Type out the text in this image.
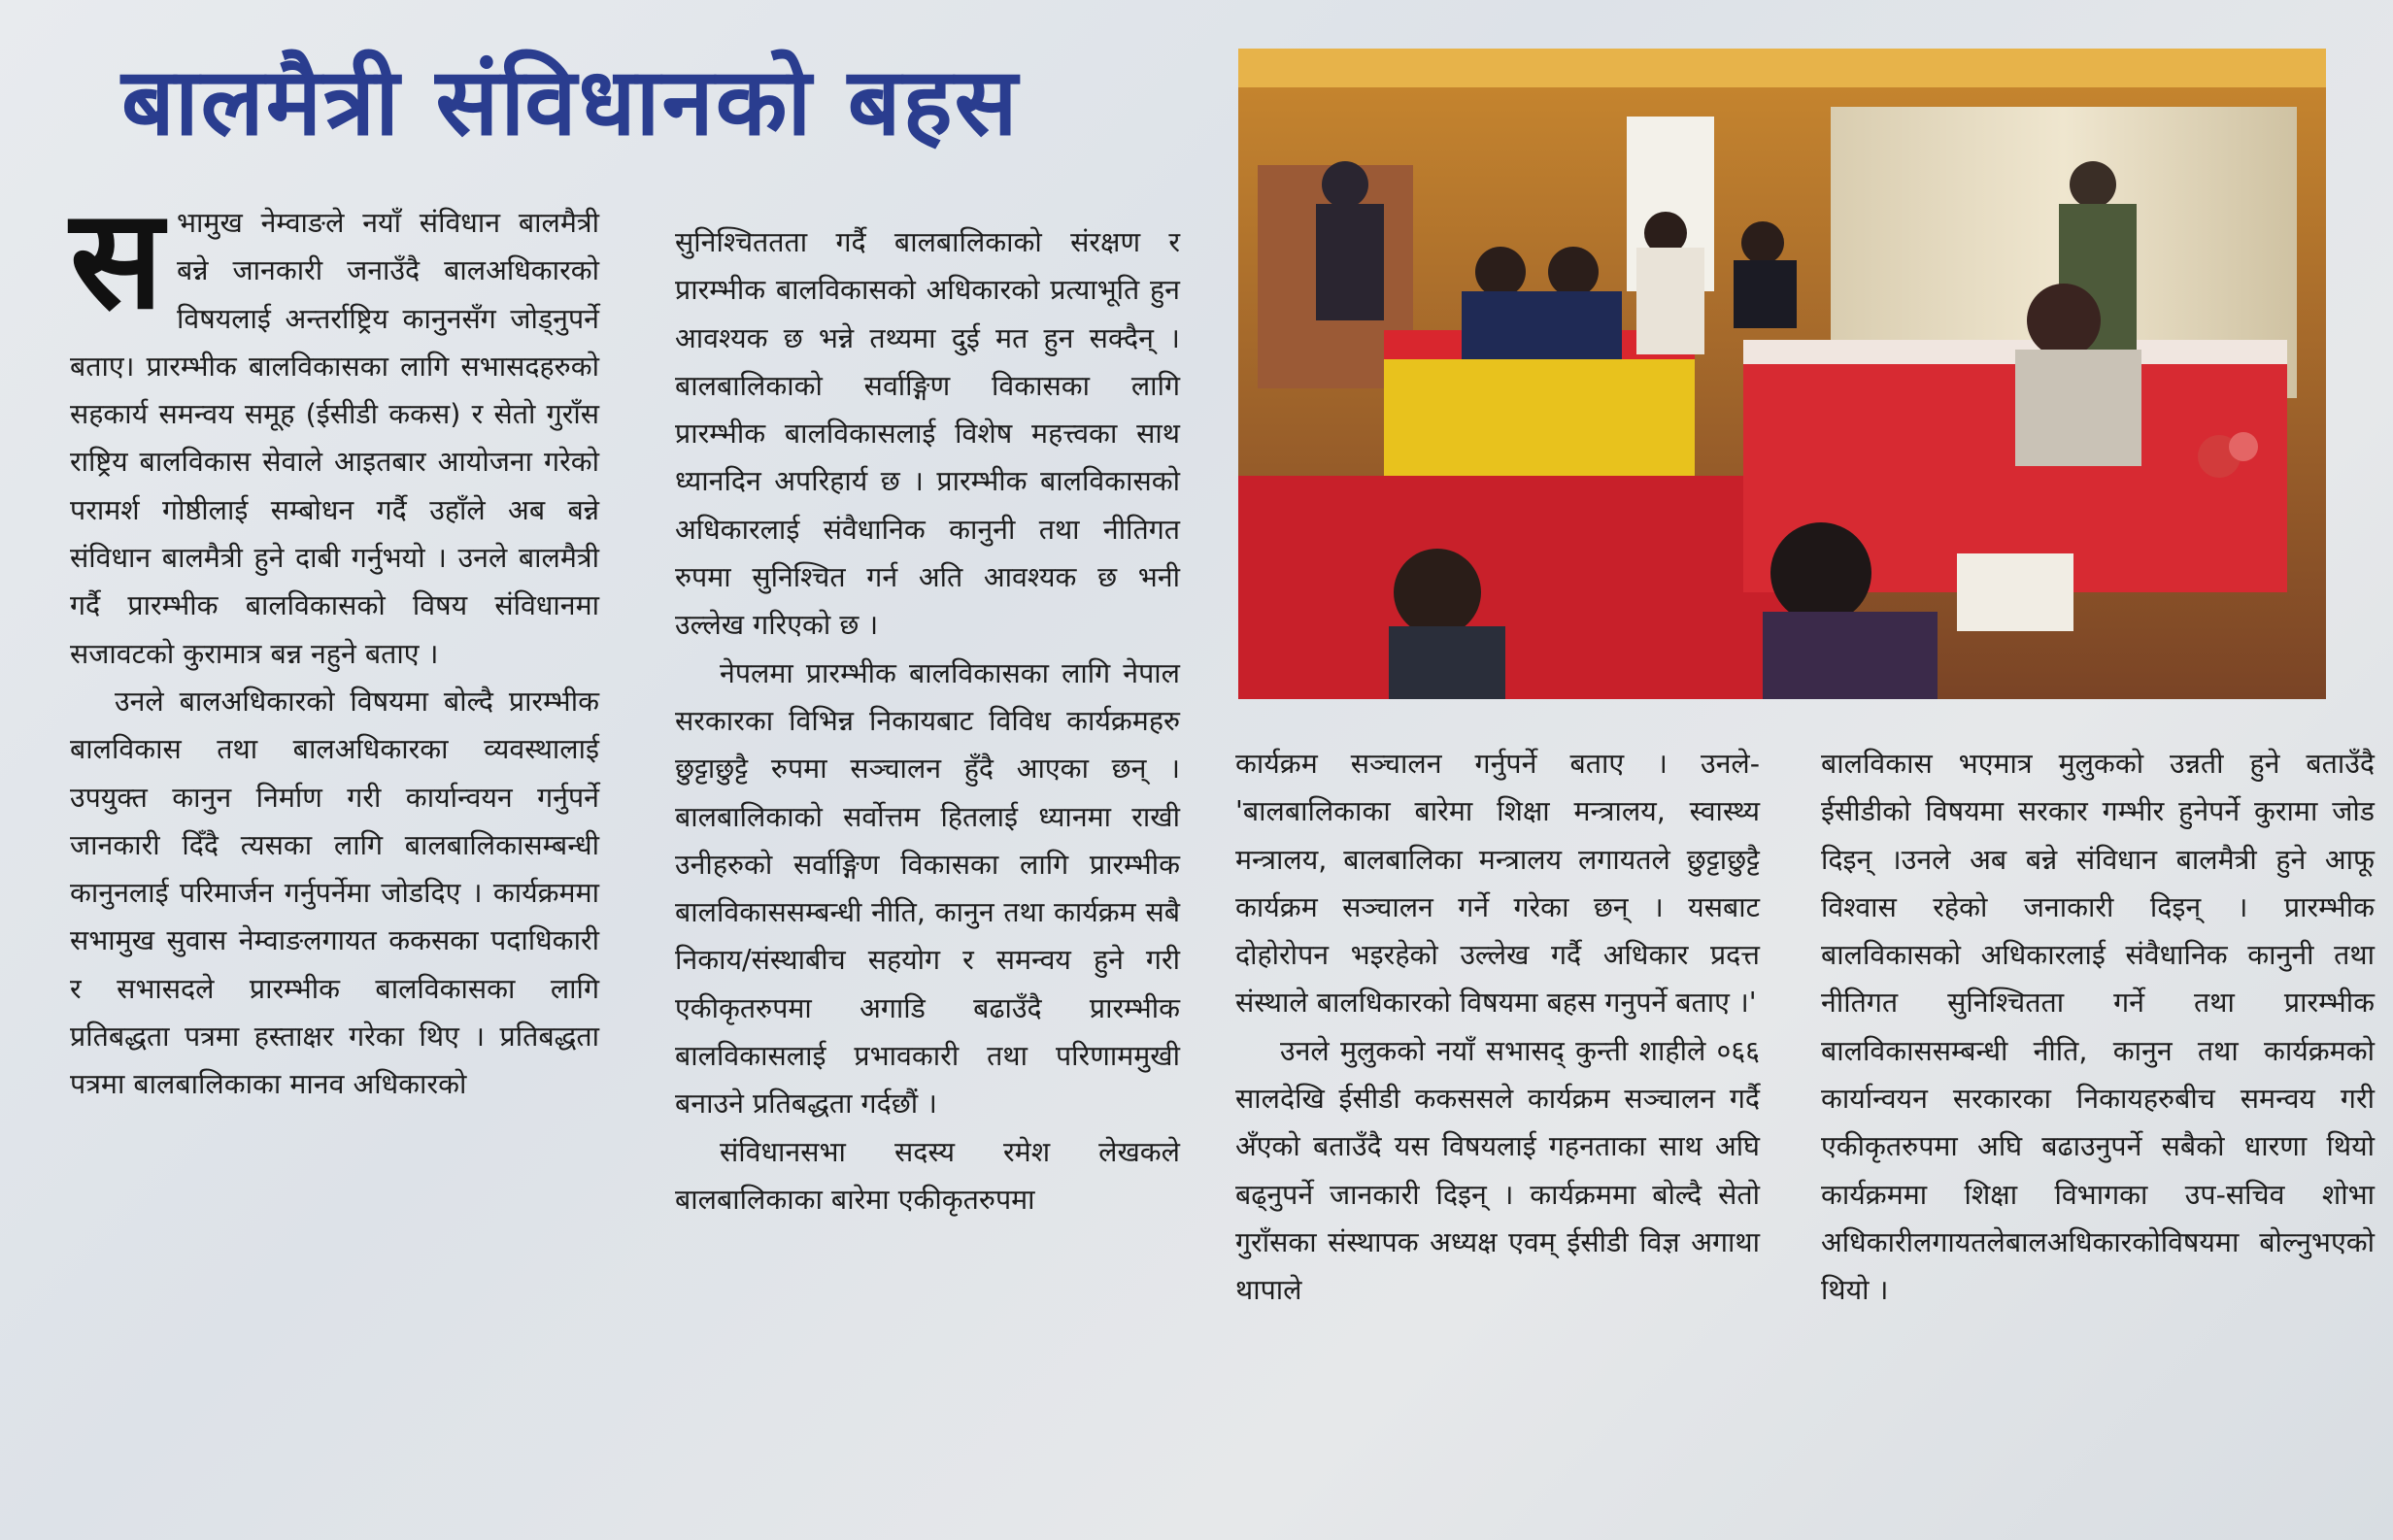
बालमैत्री संविधानको बहस
स भामुख नेम्वाङले नयाँ संविधान बालमैत्री बन्ने जानकारी जनाउँदै बालअधिकारको विषयलाई अन्तर्राष्ट्रिय कानुनसँग जोड्नुपर्ने बताए। प्रारम्भीक बालविकासका लागि सभासदहरुको सहकार्य समन्वय समूह (ईसीडी ककस) र सेतो गुराँस राष्ट्रिय बालविकास सेवाले आइतबार आयोजना गरेको परामर्श गोष्ठीलाई सम्बोधन गर्दै उहाँले अब बन्ने संविधान बालमैत्री हुने दाबी गर्नुभयो । उनले बालमैत्री गर्दै प्रारम्भीक बालविकासको विषय संविधानमा सजावटको कुरामात्र बन्न नहुने बताए ।

उनले बालअधिकारको विषयमा बोल्दै प्रारम्भीक बालविकास तथा बालअधिकारका व्यवस्थालाई उपयुक्त कानुन निर्माण गरी कार्यान्वयन गर्नुपर्ने जानकारी दिँदै त्यसका लागि बालबालिकासम्बन्धी कानुनलाई परिमार्जन गर्नुपर्नेमा जोडदिए । कार्यक्रममा सभामुख सुवास नेम्वाङलगायत ककसका पदाधिकारी र सभासदले प्रारम्भीक बालविकासका लागि प्रतिबद्धता पत्रमा हस्ताक्षर गरेका थिए । प्रतिबद्धता पत्रमा बालबालिकाका मानव अधिकारको

सुनिश्चिततता गर्दै बालबालिकाको संरक्षण र प्रारम्भीक बालविकासको अधिकारको प्रत्याभूति हुन आवश्यक छ भन्ने तथ्यमा दुई मत हुन सक्दैन् । बालबालिकाको सर्वाङ्गिण विकासका लागि प्रारम्भीक बालविकासलाई विशेष महत्त्वका साथ ध्यानदिन अपरिहार्य छ । प्रारम्भीक बालविकासको अधिकारलाई संवैधानिक कानुनी तथा नीतिगत रुपमा सुनिश्चित गर्न अति आवश्यक छ भनी उल्लेख गरिएको छ ।

नेपलमा प्रारम्भीक बालविकासका लागि नेपाल सरकारका विभिन्न निकायबाट विविध कार्यक्रमहरु छुट्टाछुट्टै रुपमा सञ्चालन हुँदै आएका छन् । बालबालिकाको सर्वोत्तम हितलाई ध्यानमा राखी उनीहरुको सर्वाङ्गिण विकासका लागि प्रारम्भीक बालविकाससम्बन्धी नीति, कानुन तथा कार्यक्रम सबै निकाय/संस्थाबीच सहयोग र समन्वय हुने गरी एकीकृतरुपमा अगाडि बढाउँदै प्रारम्भीक बालविकासलाई प्रभावकारी तथा परिणाममुखी बनाउने प्रतिबद्धता गर्दछौं ।

संविधानसभा सदस्य रमेश लेखकले बालबालिकाका बारेमा एकीकृतरुपमा

कार्यक्रम सञ्चालन गर्नुपर्ने बताए । उनले- 'बालबालिकाका बारेमा शिक्षा मन्त्रालय, स्वास्थ्य मन्त्रालय, बालबालिका मन्त्रालय लगायतले छुट्टाछुट्टै कार्यक्रम सञ्चालन गर्ने गरेका छन् । यसबाट दोहोरोपन भइरहेको उल्लेख गर्दै अधिकार प्रदत्त संस्थाले बालधिकारको विषयमा बहस गनुपर्ने बताए ।'

उनले मुलुकको नयाँ सभासद् कुन्ती शाहीले ०६६ सालदेखि ईसीडी ककससले कार्यक्रम सञ्चालन गर्दै अँएको बताउँदै यस विषयलाई गहनताका साथ अघि बढ्नुपर्ने जानकारी दिइन् । कार्यक्रममा बोल्दै सेतो गुराँसका संस्थापक अध्यक्ष एवम् ईसीडी विज्ञ अगाथा थापाले

बालविकास भएमात्र मुलुकको उन्नती हुने बताउँदै ईसीडीको विषयमा सरकार गम्भीर हुनेपर्ने कुरामा जोड दिइन् ।उनले अब बन्ने संविधान बालमैत्री हुने आफू विश्वास रहेको जनाकारी दिइन् । प्रारम्भीक बालविकासको अधिकारलाई संवैधानिक कानुनी तथा नीतिगत सुनिश्चितता गर्ने तथा प्रारम्भीक बालविकाससम्बन्धी नीति, कानुन तथा कार्यक्रमको कार्यान्वयन सरकारका निकायहरुबीच समन्वय गरी एकीकृतरुपमा अघि बढाउनुपर्ने सबैको धारणा थियो कार्यक्रममा शिक्षा विभागका उप-सचिव शोभा अधिकारीलगायतलेबालअधिकारकोविषयमा बोल्नुभएको थियो ।
